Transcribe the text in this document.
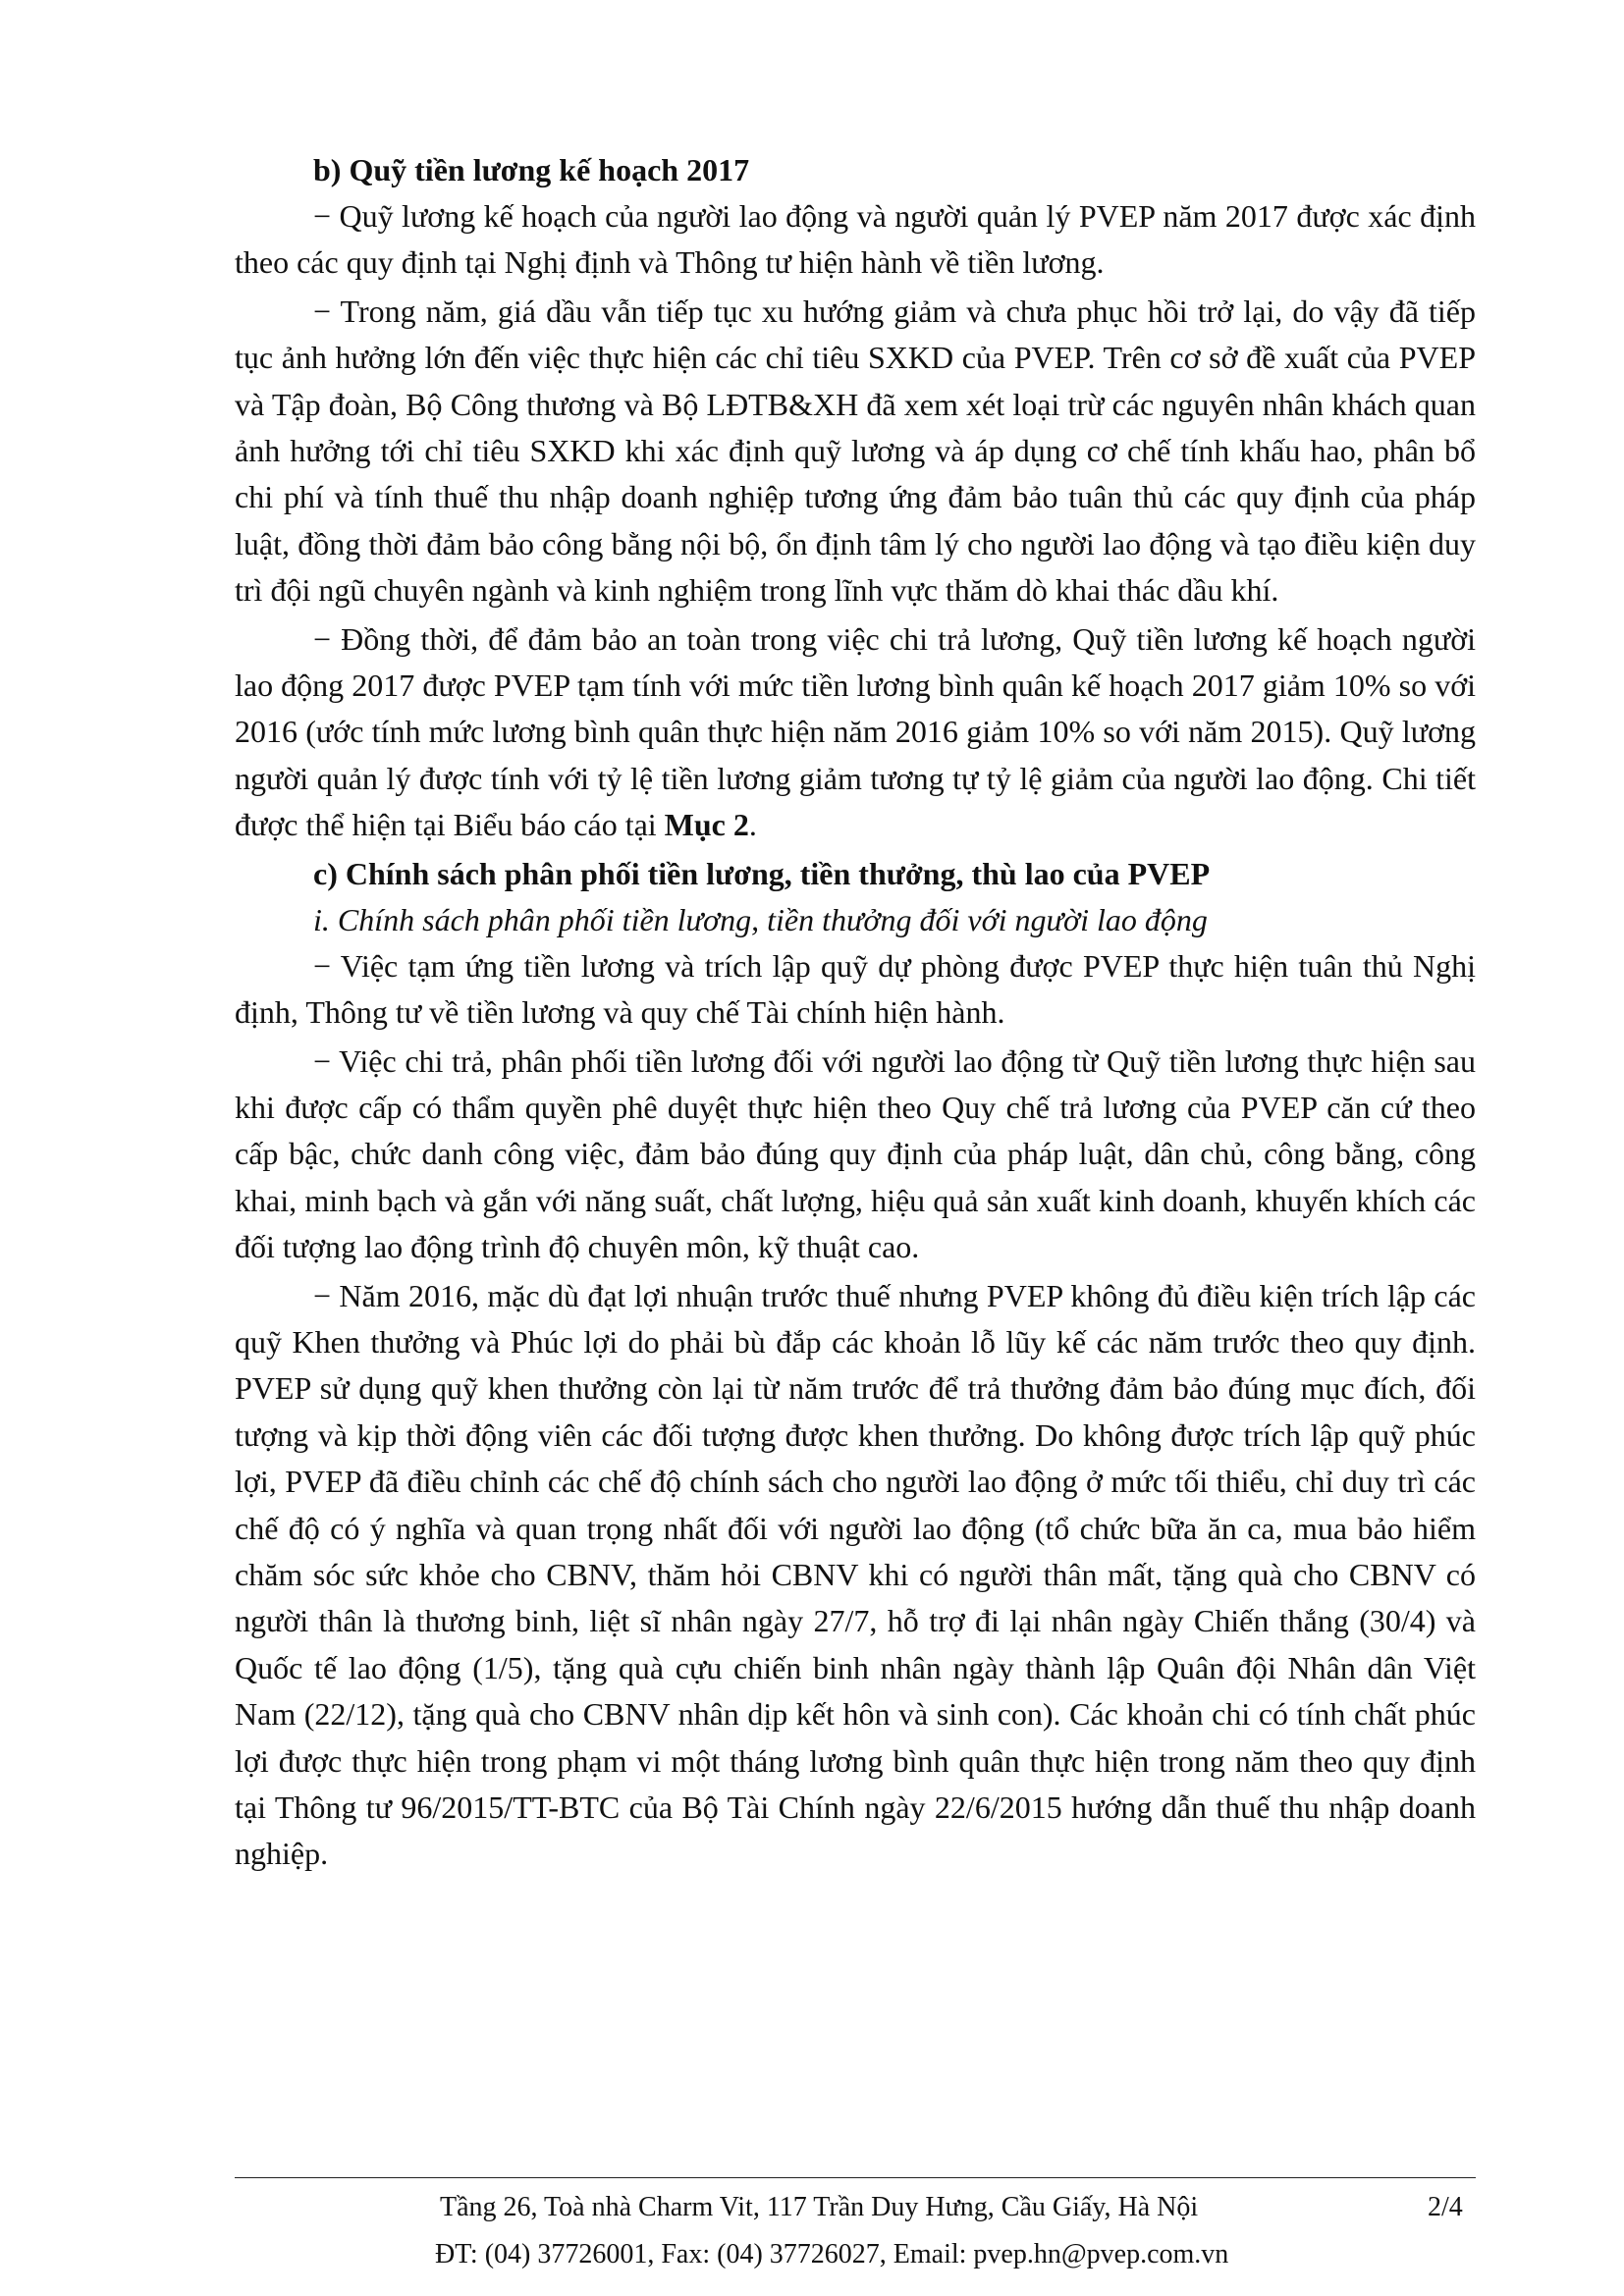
b) Quỹ tiền lương kế hoạch 2017

− Quỹ lương kế hoạch của người lao động và người quản lý PVEP năm 2017 được xác định theo các quy định tại Nghị định và Thông tư hiện hành về tiền lương.

− Trong năm, giá dầu vẫn tiếp tục xu hướng giảm và chưa phục hồi trở lại, do vậy đã tiếp tục ảnh hưởng lớn đến việc thực hiện các chỉ tiêu SXKD của PVEP. Trên cơ sở đề xuất của PVEP và Tập đoàn, Bộ Công thương và Bộ LĐTB&XH đã xem xét loại trừ các nguyên nhân khách quan ảnh hưởng tới chỉ tiêu SXKD khi xác định quỹ lương và áp dụng cơ chế tính khấu hao, phân bổ chi phí và tính thuế thu nhập doanh nghiệp tương ứng đảm bảo tuân thủ các quy định của pháp luật, đồng thời đảm bảo công bằng nội bộ, ổn định tâm lý cho người lao động và tạo điều kiện duy trì đội ngũ chuyên ngành và kinh nghiệm trong lĩnh vực thăm dò khai thác dầu khí.

− Đồng thời, để đảm bảo an toàn trong việc chi trả lương, Quỹ tiền lương kế hoạch người lao động 2017 được PVEP tạm tính với mức tiền lương bình quân kế hoạch 2017 giảm 10% so với 2016 (ước tính mức lương bình quân thực hiện năm 2016 giảm 10% so với năm 2015). Quỹ lương người quản lý được tính với tỷ lệ tiền lương giảm tương tự tỷ lệ giảm của người lao động. Chi tiết được thể hiện tại Biểu báo cáo tại Mục 2.

c) Chính sách phân phối tiền lương, tiền thưởng, thù lao của PVEP

i. Chính sách phân phối tiền lương, tiền thưởng đối với người lao động

− Việc tạm ứng tiền lương và trích lập quỹ dự phòng được PVEP thực hiện tuân thủ Nghị định, Thông tư về tiền lương và quy chế Tài chính hiện hành.

− Việc chi trả, phân phối tiền lương đối với người lao động từ Quỹ tiền lương thực hiện sau khi được cấp có thẩm quyền phê duyệt thực hiện theo Quy chế trả lương của PVEP căn cứ theo cấp bậc, chức danh công việc, đảm bảo đúng quy định của pháp luật, dân chủ, công bằng, công khai, minh bạch và gắn với năng suất, chất lượng, hiệu quả sản xuất kinh doanh, khuyến khích các đối tượng lao động trình độ chuyên môn, kỹ thuật cao.

− Năm 2016, mặc dù đạt lợi nhuận trước thuế nhưng PVEP không đủ điều kiện trích lập các quỹ Khen thưởng và Phúc lợi do phải bù đắp các khoản lỗ lũy kế các năm trước theo quy định. PVEP sử dụng quỹ khen thưởng còn lại từ năm trước để trả thưởng đảm bảo đúng mục đích, đối tượng và kịp thời động viên các đối tượng được khen thưởng. Do không được trích lập quỹ phúc lợi, PVEP đã điều chỉnh các chế độ chính sách cho người lao động ở mức tối thiểu, chỉ duy trì các chế độ có ý nghĩa và quan trọng nhất đối với người lao động (tổ chức bữa ăn ca, mua bảo hiểm chăm sóc sức khỏe cho CBNV, thăm hỏi CBNV khi có người thân mất, tặng quà cho CBNV có người thân là thương binh, liệt sĩ nhân ngày 27/7, hỗ trợ đi lại nhân ngày Chiến thắng (30/4) và Quốc tế lao động (1/5), tặng quà cựu chiến binh nhân ngày thành lập Quân đội Nhân dân Việt Nam (22/12), tặng quà cho CBNV nhân dịp kết hôn và sinh con). Các khoản chi có tính chất phúc lợi được thực hiện trong phạm vi một tháng lương bình quân thực hiện trong năm theo quy định tại Thông tư 96/2015/TT-BTC của Bộ Tài Chính ngày 22/6/2015 hướng dẫn thuế thu nhập doanh nghiệp.

Tầng 26, Toà nhà Charm Vit, 117 Trần Duy Hưng, Cầu Giấy, Hà Nội	2/4
ĐT: (04) 37726001, Fax: (04) 37726027, Email: pvep.hn@pvep.com.vn
